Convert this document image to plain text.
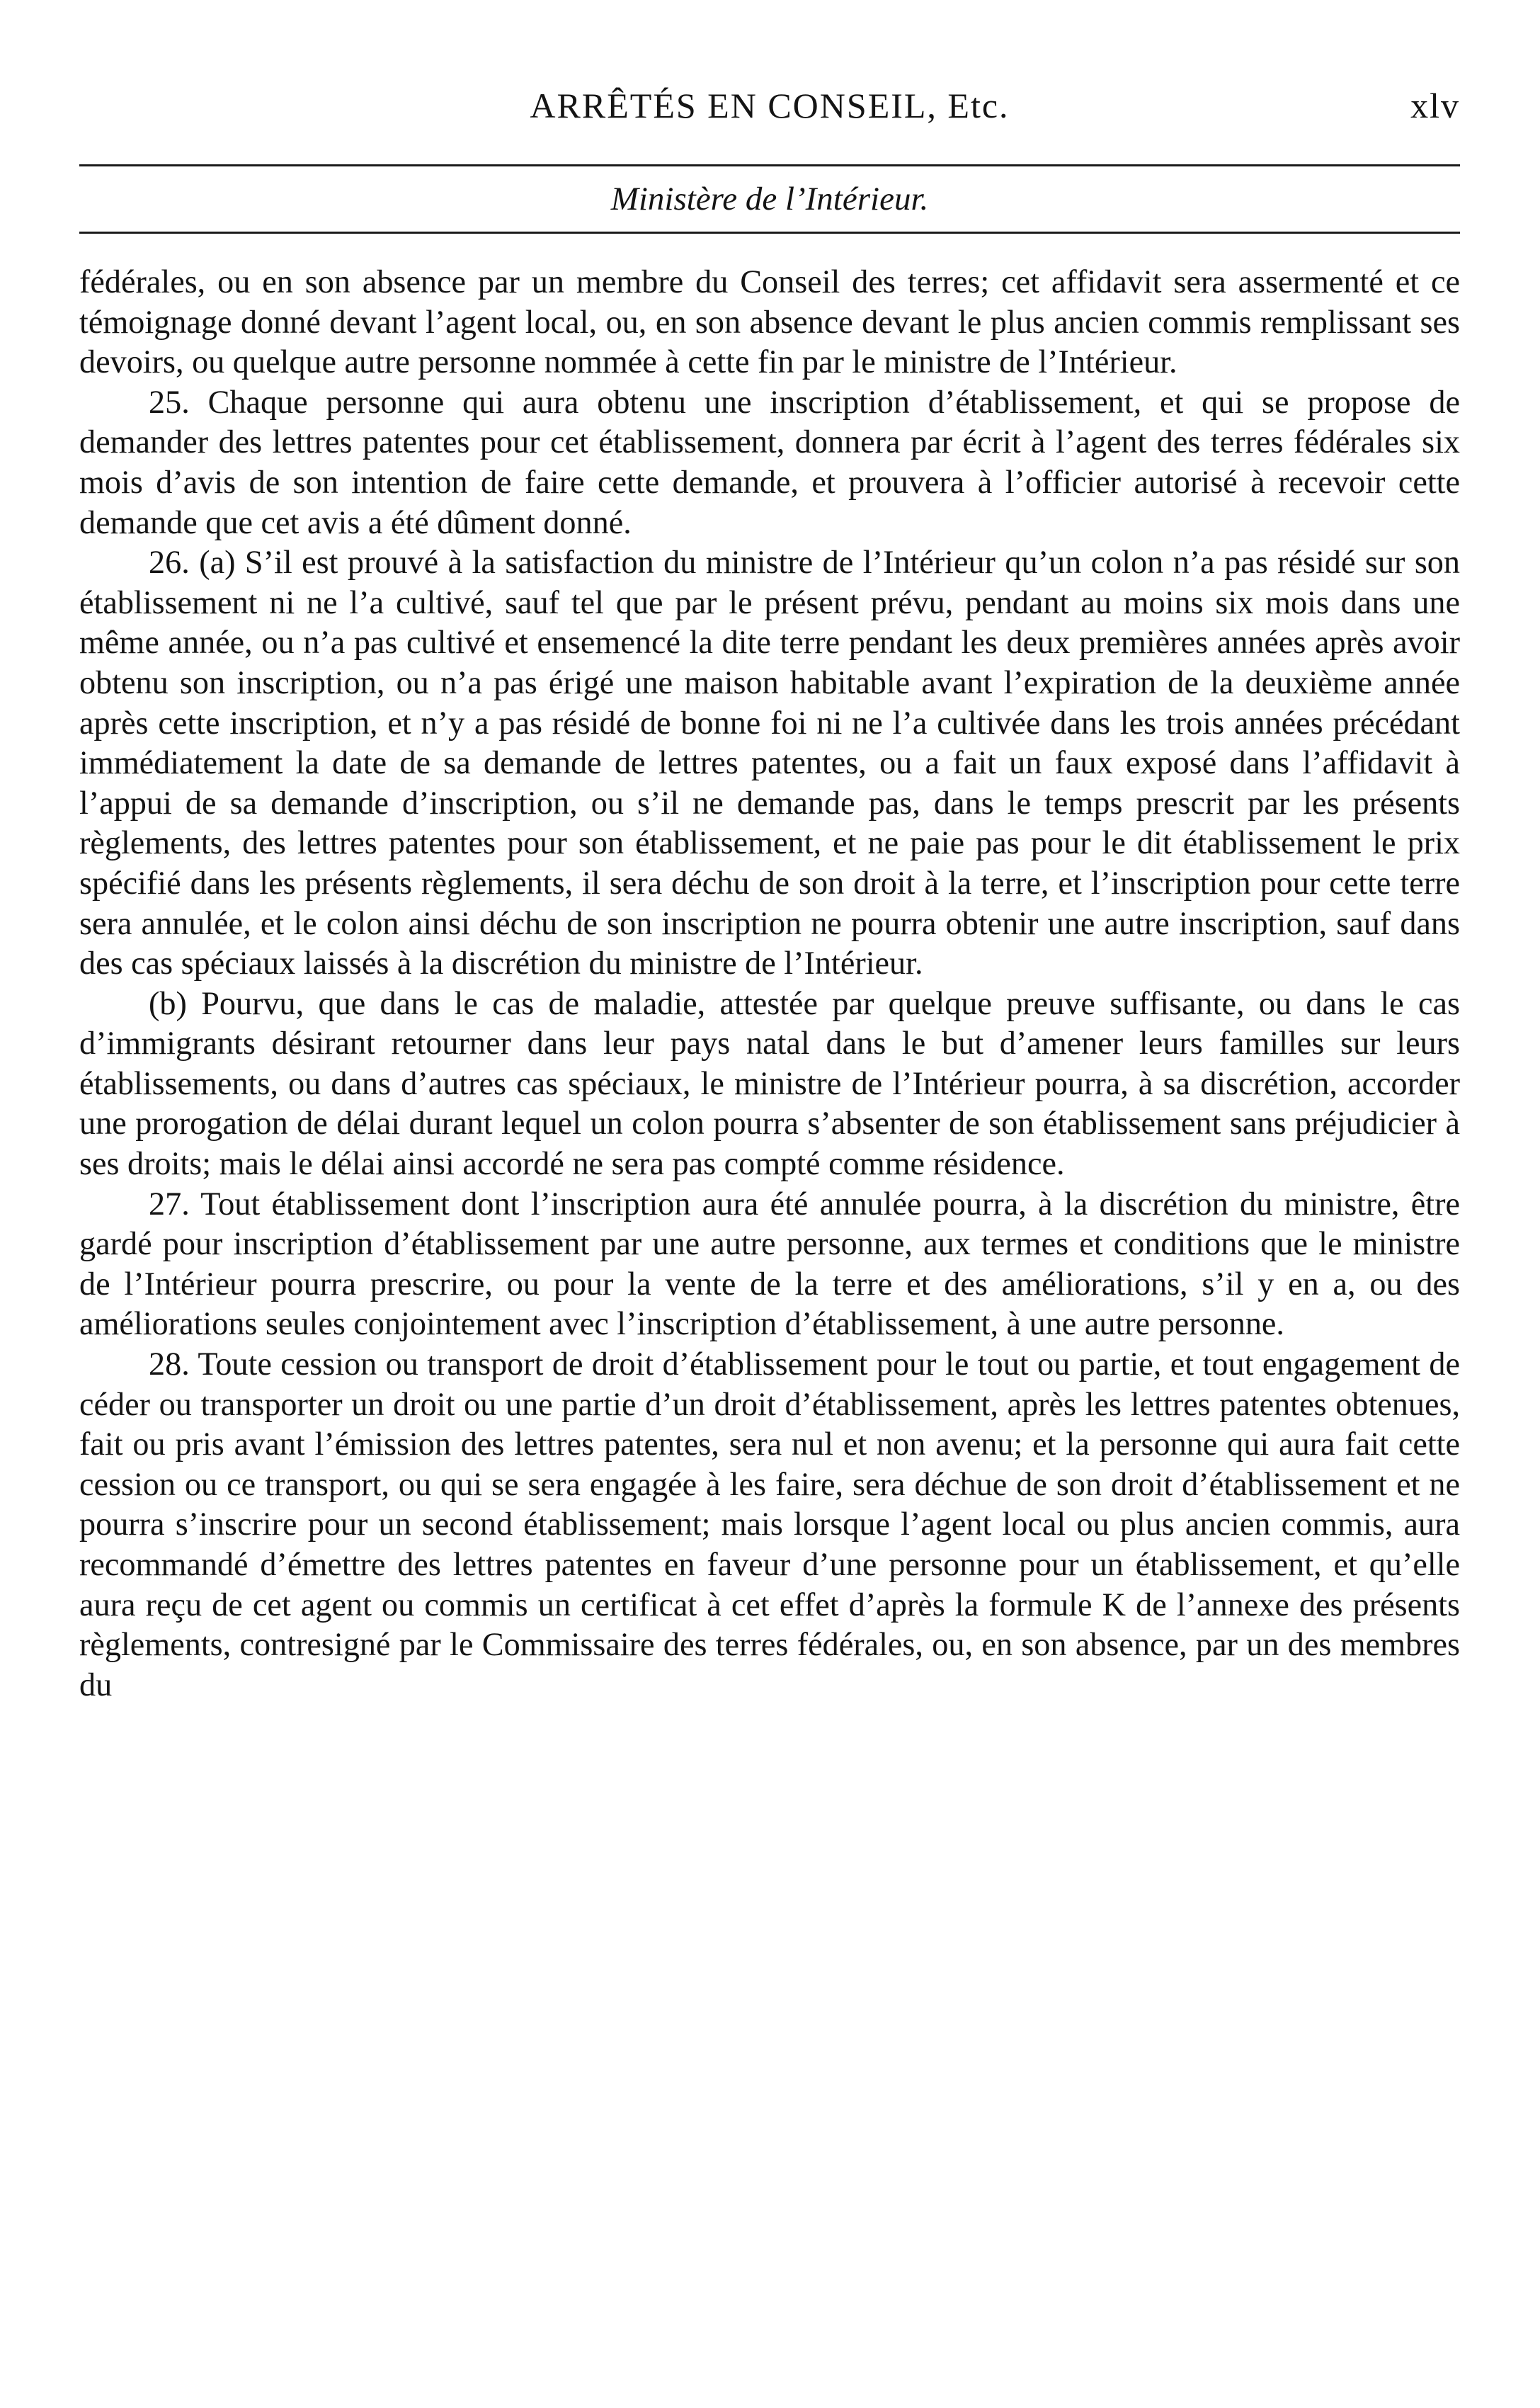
ARRÊTÉS EN CONSEIL, Etc.	xlv
Ministère de l’Intérieur.

fédérales, ou en son absence par un membre du Conseil des terres; cet affidavit sera assermenté et ce témoignage donné devant l’agent local, ou, en son absence devant le plus ancien commis remplissant ses devoirs, ou quelque autre personne nommée à cette fin par le ministre de l’Intérieur.

25. Chaque personne qui aura obtenu une inscription d’établissement, et qui se propose de demander des lettres patentes pour cet établissement, donnera par écrit à l’agent des terres fédérales six mois d’avis de son intention de faire cette demande, et prouvera à l’officier autorisé à recevoir cette demande que cet avis a été dûment donné.

26. (a) S’il est prouvé à la satisfaction du ministre de l’Intérieur qu’un colon n’a pas résidé sur son établissement ni ne l’a cultivé, sauf tel que par le présent prévu, pendant au moins six mois dans une même année, ou n’a pas cultivé et ensemencé la dite terre pendant les deux premières années après avoir obtenu son inscription, ou n’a pas érigé une maison habitable avant l’expiration de la deuxième année après cette inscription, et n’y a pas résidé de bonne foi ni ne l’a cultivée dans les trois années précédant immédiatement la date de sa demande de lettres patentes, ou a fait un faux exposé dans l’affidavit à l’appui de sa demande d’inscription, ou s’il ne demande pas, dans le temps prescrit par les présents règlements, des lettres patentes pour son établissement, et ne paie pas pour le dit établissement le prix spécifié dans les présents règlements, il sera déchu de son droit à la terre, et l’inscription pour cette terre sera annulée, et le colon ainsi déchu de son inscription ne pourra obtenir une autre inscription, sauf dans des cas spéciaux laissés à la discrétion du ministre de l’Intérieur.

(b) Pourvu, que dans le cas de maladie, attestée par quelque preuve suffisante, ou dans le cas d’immigrants désirant retourner dans leur pays natal dans le but d’amener leurs familles sur leurs établissements, ou dans d’autres cas spéciaux, le ministre de l’Intérieur pourra, à sa discrétion, accorder une prorogation de délai durant lequel un colon pourra s’absenter de son établissement sans préjudicier à ses droits; mais le délai ainsi accordé ne sera pas compté comme résidence.

27. Tout établissement dont l’inscription aura été annulée pourra, à la discrétion du ministre, être gardé pour inscription d’établissement par une autre personne, aux termes et conditions que le ministre de l’Intérieur pourra prescrire, ou pour la vente de la terre et des améliorations, s’il y en a, ou des améliorations seules conjointement avec l’inscription d’établissement, à une autre personne.

28. Toute cession ou transport de droit d’établissement pour le tout ou partie, et tout engagement de céder ou transporter un droit ou une partie d’un droit d’établissement, après les lettres patentes obtenues, fait ou pris avant l’émission des lettres patentes, sera nul et non avenu; et la personne qui aura fait cette cession ou ce transport, ou qui se sera engagée à les faire, sera déchue de son droit d’établissement et ne pourra s’inscrire pour un second établissement; mais lorsque l’agent local ou plus ancien commis, aura recommandé d’émettre des lettres patentes en faveur d’une personne pour un établissement, et qu’elle aura reçu de cet agent ou commis un certificat à cet effet d’après la formule K de l’annexe des présents règlements, contresigné par le Commissaire des terres fédérales, ou, en son absence, par un des membres du
